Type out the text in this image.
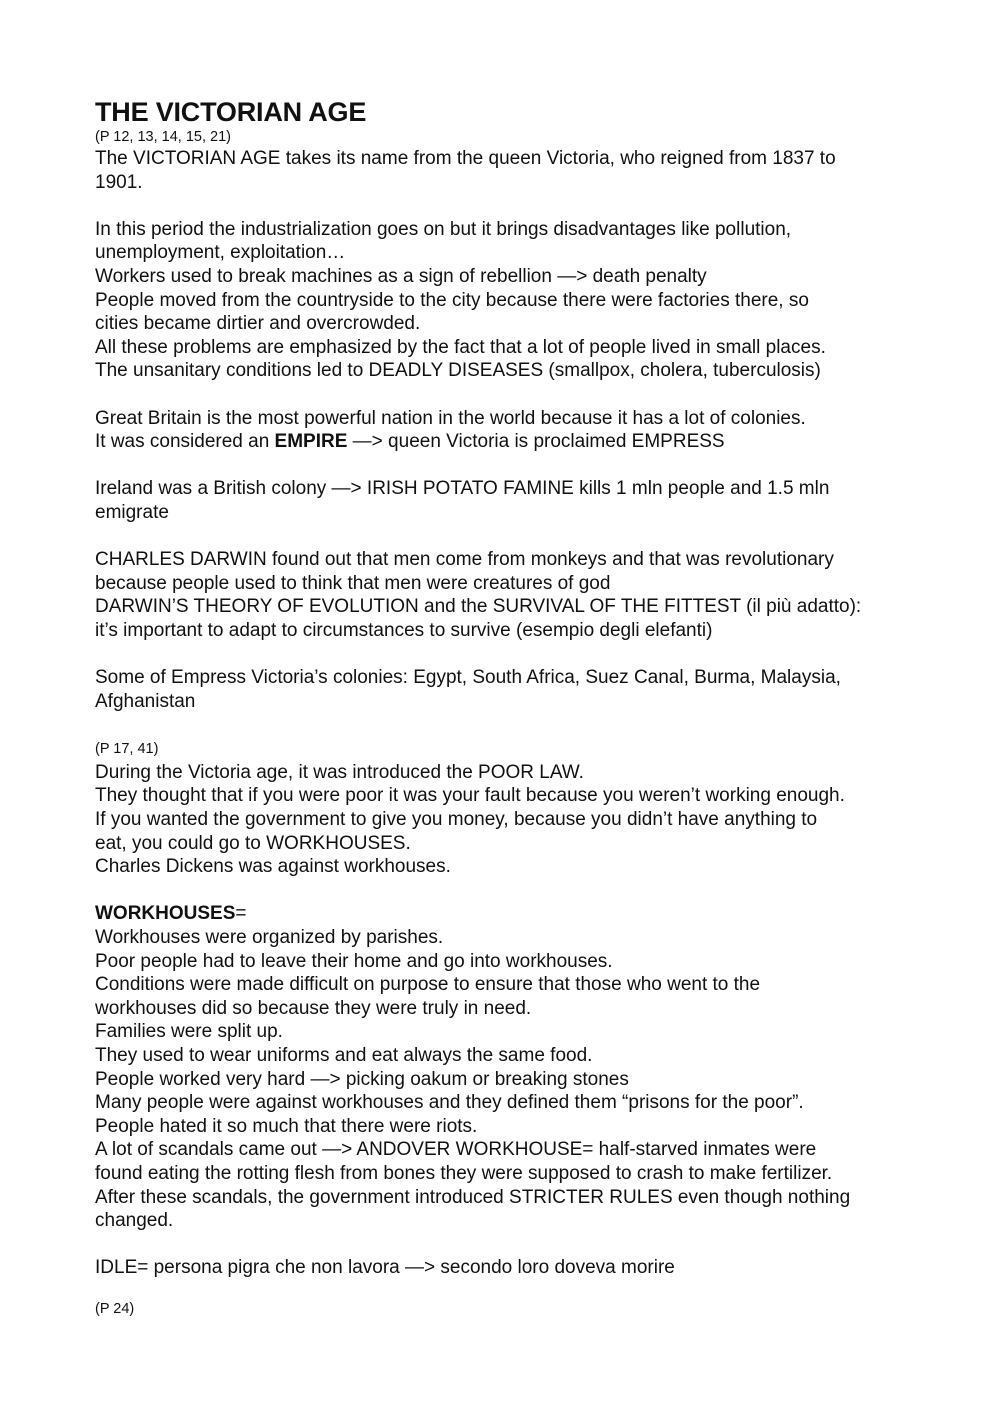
THE VICTORIAN AGE
(P 12, 13, 14, 15, 21)
The VICTORIAN AGE takes its name from the queen Victoria, who reigned from 1837 to
1901.
In this period the industrialization goes on but it brings disadvantages like pollution,
unemployment, exploitation…
Workers used to break machines as a sign of rebellion —> death penalty
People moved from the countryside to the city because there were factories there, so
cities became dirtier and overcrowded.
All these problems are emphasized by the fact that a lot of people lived in small places.
The unsanitary conditions led to DEADLY DISEASES (smallpox, cholera, tuberculosis)
Great Britain is the most powerful nation in the world because it has a lot of colonies.
It was considered an EMPIRE —> queen Victoria is proclaimed EMPRESS
Ireland was a British colony —> IRISH POTATO FAMINE kills 1 mln people and 1.5 mln
emigrate
CHARLES DARWIN found out that men come from monkeys and that was revolutionary
because people used to think that men were creatures of god
DARWIN’S THEORY OF EVOLUTION and the SURVIVAL OF THE FITTEST (il più adatto):
it’s important to adapt to circumstances to survive (esempio degli elefanti)
Some of Empress Victoria’s colonies: Egypt, South Africa, Suez Canal, Burma, Malaysia,
Afghanistan
(P 17, 41)
During the Victoria age, it was introduced the POOR LAW.
They thought that if you were poor it was your fault because you weren’t working enough.
If you wanted the government to give you money, because you didn’t have anything to
eat, you could go to WORKHOUSES.
Charles Dickens was against workhouses.
WORKHOUSES=
Workhouses were organized by parishes.
Poor people had to leave their home and go into workhouses.
Conditions were made difficult on purpose to ensure that those who went to the
workhouses did so because they were truly in need.
Families were split up.
They used to wear uniforms and eat always the same food.
People worked very hard —> picking oakum or breaking stones
Many people were against workhouses and they defined them “prisons for the poor”.
People hated it so much that there were riots.
A lot of scandals came out —> ANDOVER WORKHOUSE= half-starved inmates were
found eating the rotting flesh from bones they were supposed to crash to make fertilizer.
After these scandals, the government introduced STRICTER RULES even though nothing
changed.
IDLE= persona pigra che non lavora —> secondo loro doveva morire
(P 24)
